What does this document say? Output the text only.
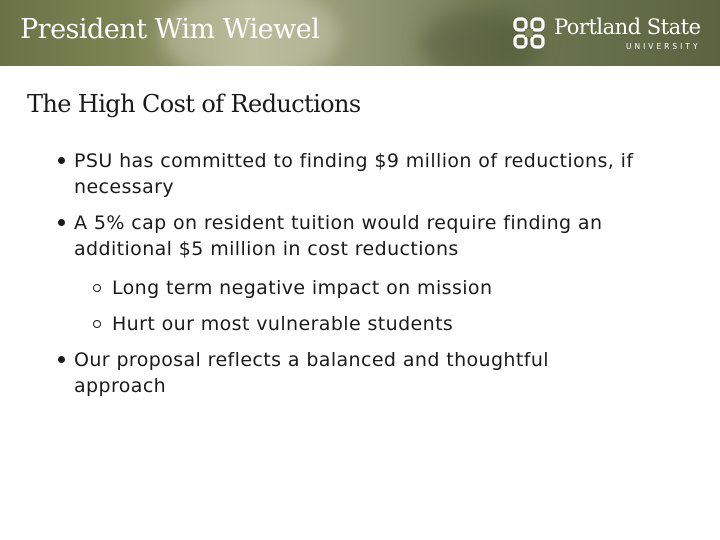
President Wim Wiewel	Portland State
UNIVERSITY
The High Cost of Reductions
PSU has committed to finding $9 million of reductions, if necessary
A 5% cap on resident tuition would require finding an additional $5 million in cost reductions
Long term negative impact on mission
Hurt our most vulnerable students
Our proposal reflects a balanced and thoughtful approach
